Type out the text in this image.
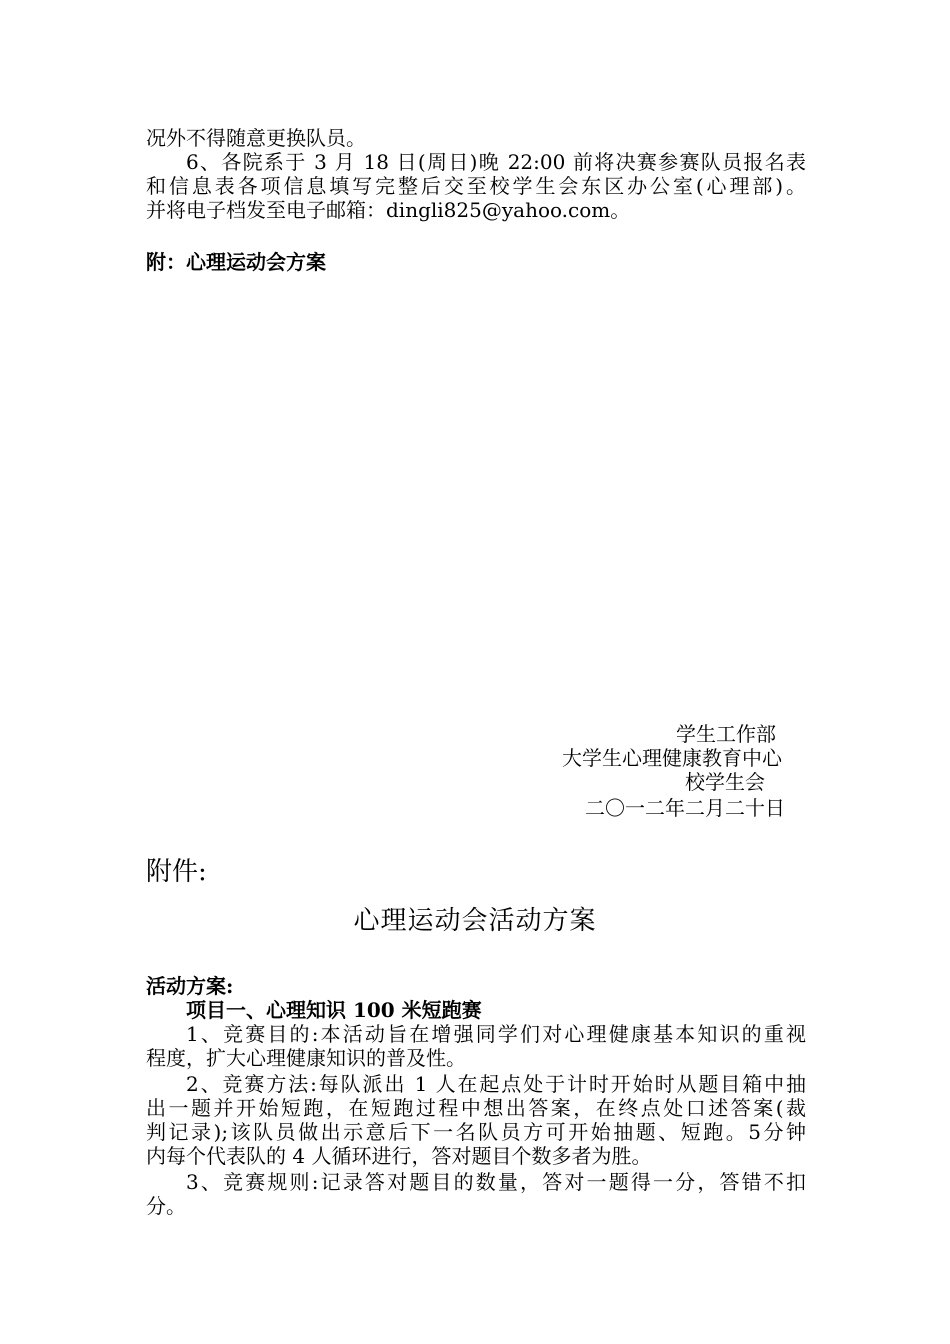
况外不得随意更换队员。
6、各院系于 3 月 18 日(周日)晚 22:00 前将决赛参赛队员报名表
和信息表各项信息填写完整后交至校学生会东区办公室(心理部)。
并将电子档发至电子邮箱：dingli825@yahoo.com。
附：心理运动会方案
学生工作部
大学生心理健康教育中心
校学生会
二〇一二年二月二十日
附件:
心理运动会活动方案
活动方案:
项目一、心理知识 100 米短跑赛
1、竞赛目的:本活动旨在增强同学们对心理健康基本知识的重视
程度，扩大心理健康知识的普及性。
2、竞赛方法:每队派出 1 人在起点处于计时开始时从题目箱中抽
出一题并开始短跑，在短跑过程中想出答案，在终点处口述答案(裁
判记录);该队员做出示意后下一名队员方可开始抽题、短跑。5分钟
内每个代表队的 4 人循环进行，答对题目个数多者为胜。
3、竞赛规则:记录答对题目的数量，答对一题得一分，答错不扣
分。
